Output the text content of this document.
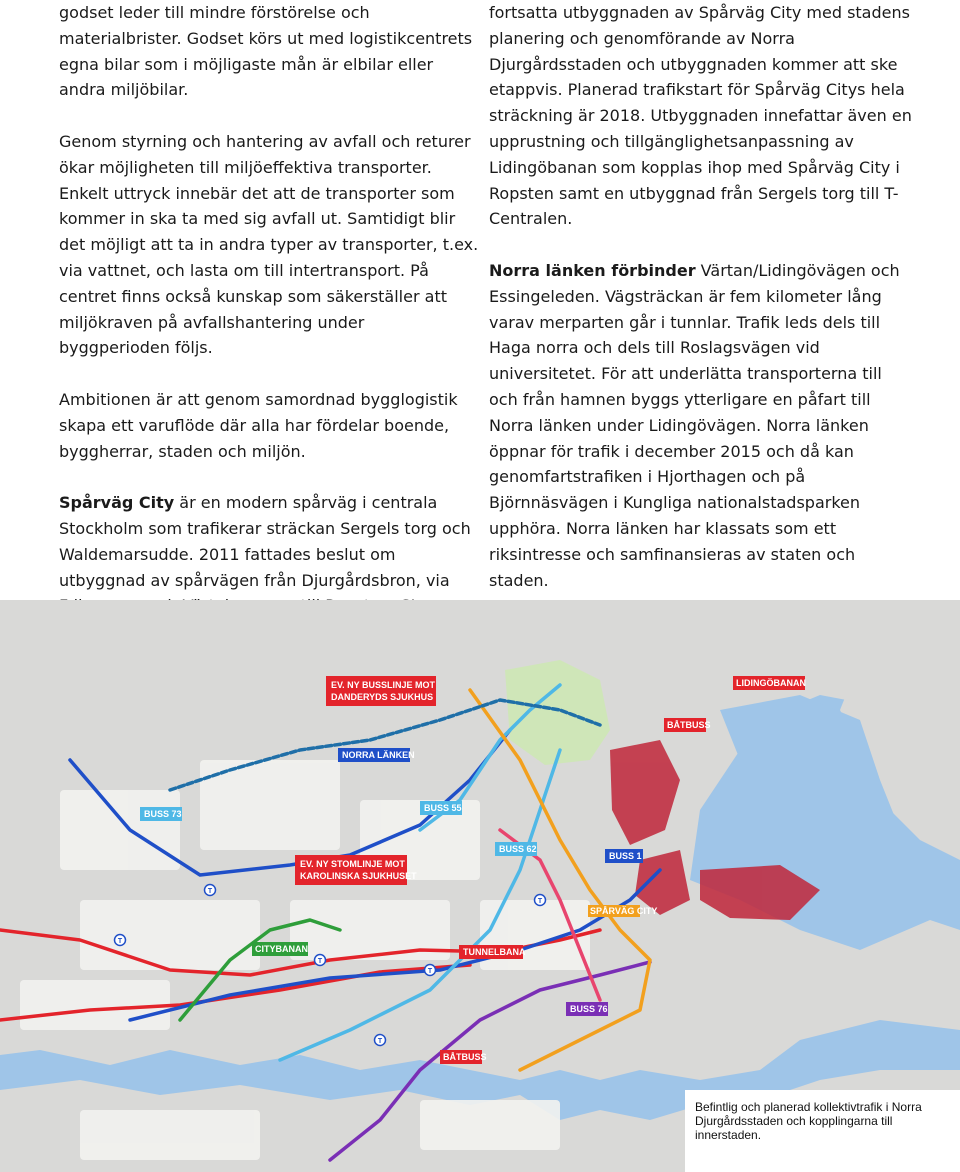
godset leder till mindre förstörelse och materialbrister. Godset körs ut med logistikcentrets egna bilar som i möjligaste mån är elbilar eller andra miljöbilar.

Genom styrning och hantering av avfall och returer ökar möjligheten till miljöeffektiva transporter. Enkelt uttryck innebär det att de transporter som kommer in ska ta med sig avfall ut. Samtidigt blir det möjligt att ta in andra typer av transporter, t.ex. via vattnet, och lasta om till intertransport. På centret finns också kunskap som säkerställer att miljökraven på avfallshantering under byggperioden följs.

Ambitionen är att genom samordnad bygglogistik skapa ett varuflöde där alla har fördelar boende, byggherrar, staden och miljön.

Spårväg City är en modern spårväg i centrala Stockholm som trafikerar sträckan Sergels torg och Waldemarsudde. 2011 fattades beslut om utbyggnad av spårvägen från Djurgårdsbron, via

fortsatta utbyggnaden av Spårväg City med stadens planering och genomförande av Norra Djurgårdsstaden och utbyggnaden kommer att ske etappvis. Planerad trafikstart för Spårväg Citys hela sträckning är 2018. Utbyggnaden innefattar även en upprustning och tillgänglighetsanpassning av Lidingöbanan som kopplas ihop med Spårväg City i Ropsten samt en utbyggnad från Sergels torg till T-Centralen.

Norra länken förbinder Värtan/Lidingövägen och Essingeleden. Vägsträckan är fem kilometer lång varav merparten går i tunnlar. Trafik leds dels till Haga norra och dels till Roslagsvägen vid universitetet. För att underlätta transporterna till och från hamnen byggs ytterligare en påfart till Norra länken under Lidingövägen. Norra länken öppnar för trafik i december 2015 och då kan genomfartstrafiken i Hjorthagen och på Björnnäsvägen i Kungliga nationalstadsparken upphöra. Norra länken har klassats som ett riksintresse och samfinansieras av staten och staden.

T
T
T
T
T
T
EV. NY BUSSLINJE MOT
DANDERYDS SJUKHUS
NORRA LÄNKEN
BUSS 73
BUSS 55
BUSS 62
EV. NY STOMLINJE MOT
KAROLINSKA SJUKHUSET
BUSS 1
SPÅRVÄG CITY
CITYBANAN	TUNNELBANA
BUSS 76
BÅTBUSS
BÅTBUSS
LIDINGÖBANAN
Befintlig och planerad kollektivtrafik i Norra Djurgårdsstaden och kopplingarna till innerstaden.
